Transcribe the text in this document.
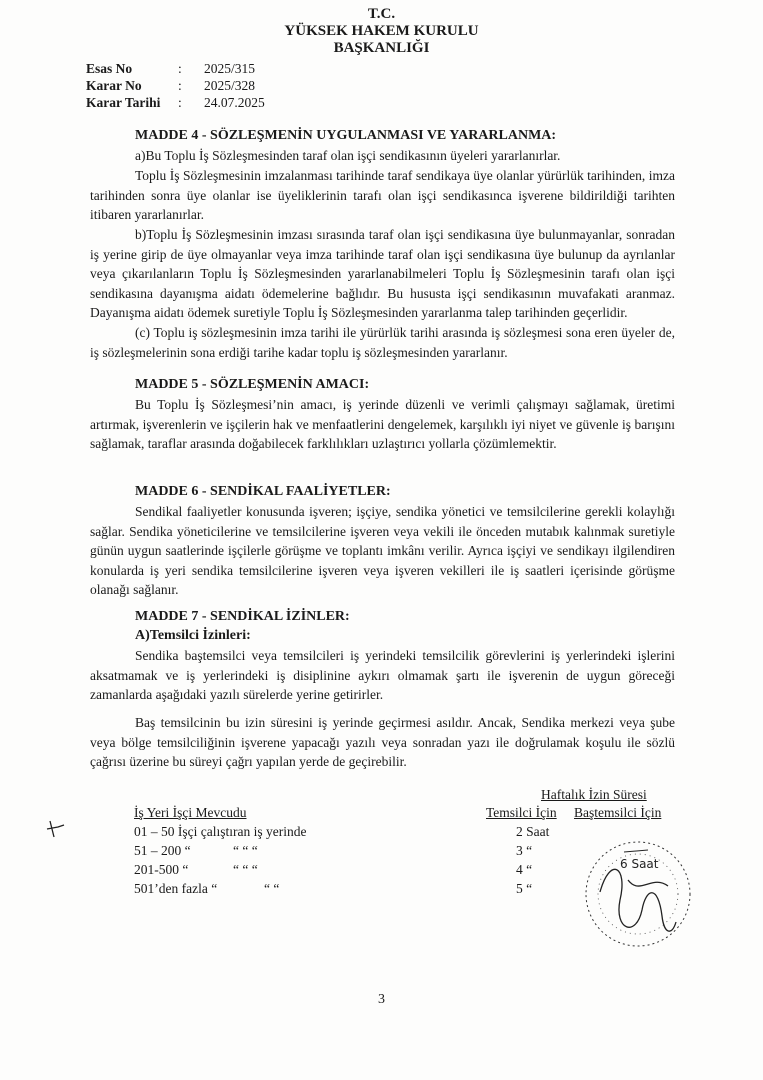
T.C.
YÜKSEK HAKEM KURULU
BAŞKANLIĞI
Esas No	:	2025/315
Karar No	:	2025/328
Karar Tarihi	:	24.07.2025
MADDE 4 - SÖZLEŞMENİN UYGULANMASI VE YARARLANMA:
a)Bu Toplu İş Sözleşmesinden taraf olan işçi sendikasının üyeleri yararlanırlar.
Toplu İş Sözleşmesinin imzalanması tarihinde taraf sendikaya üye olanlar yürürlük tarihinden, imza tarihinden sonra üye olanlar ise üyeliklerinin tarafı olan işçi sendikasınca işverene bildirildiği tarihten itibaren yararlanırlar.
b)Toplu İş Sözleşmesinin imzası sırasında taraf olan işçi sendikasına üye bulunmayanlar, sonradan iş yerine girip de üye olmayanlar veya imza tarihinde taraf olan işçi sendikasına üye bulunup da ayrılanlar veya çıkarılanların Toplu İş Sözleşmesinden yararlanabilmeleri Toplu İş Sözleşmesinin tarafı olan işçi sendikasına dayanışma aidatı ödemelerine bağlıdır. Bu hususta işçi sendikasının muvafakati aranmaz. Dayanışma aidatı ödemek suretiyle Toplu İş Sözleşmesinden yararlanma talep tarihinden geçerlidir.
(c) Toplu iş sözleşmesinin imza tarihi ile yürürlük tarihi arasında iş sözleşmesi sona eren üyeler de, iş sözleşmelerinin sona erdiği tarihe kadar toplu iş sözleşmesinden yararlanır.
MADDE 5 - SÖZLEŞMENİN AMACI:
Bu Toplu İş Sözleşmesi’nin amacı, iş yerinde düzenli ve verimli çalışmayı sağlamak, üretimi artırmak, işverenlerin ve işçilerin hak ve menfaatlerini dengelemek, karşılıklı iyi niyet ve güvenle iş barışını sağlamak, taraflar arasında doğabilecek farklılıkları uzlaştırıcı yollarla çözümlemektir.
MADDE 6 - SENDİKAL FAALİYETLER:
Sendikal faaliyetler konusunda işveren; işçiye, sendika yönetici ve temsilcilerine gerekli kolaylığı sağlar. Sendika yöneticilerine ve temsilcilerine işveren veya vekili ile önceden mutabık kalınmak suretiyle günün uygun saatlerinde işçilerle görüşme ve toplantı imkânı verilir. Ayrıca işçiyi ve sendikayı ilgilendiren konularda iş yeri sendika temsilcilerine işveren veya işveren vekilleri ile iş saatleri içerisinde görüşme olanağı sağlanır.
MADDE 7 - SENDİKAL İZİNLER:
A)Temsilci İzinleri:
Sendika baştemsilci veya temsilcileri iş yerindeki temsilcilik görevlerini iş yerlerindeki işlerini aksatmamak ve iş yerlerindeki iş disiplinine aykırı olmamak şartı ile işverenin de uygun göreceği zamanlarda aşağıdaki yazılı sürelerde yerine getirirler.
Baş temsilcinin bu izin süresini iş yerinde geçirmesi asıldır. Ancak, Sendika merkezi veya şube veya bölge temsilciliğinin işverene yapacağı yazılı veya sonradan yazı ile doğrulamak koşulu ile sözlü çağrısı üzerine bu süreyi çağrı yapılan yerde de geçirebilir.
Haftalık İzin Süresi
İş Yeri İşçi Mevcudu	Temsilci İçin Baştemsilci İçin
01 – 50 İşçi çalıştıran iş yerinde	2 Saat
51 – 200 “	“ “ “	3 “
201-500 “	“ “ “	4 “
501’den fazla “	“ “	5 “
6 Saat
3
